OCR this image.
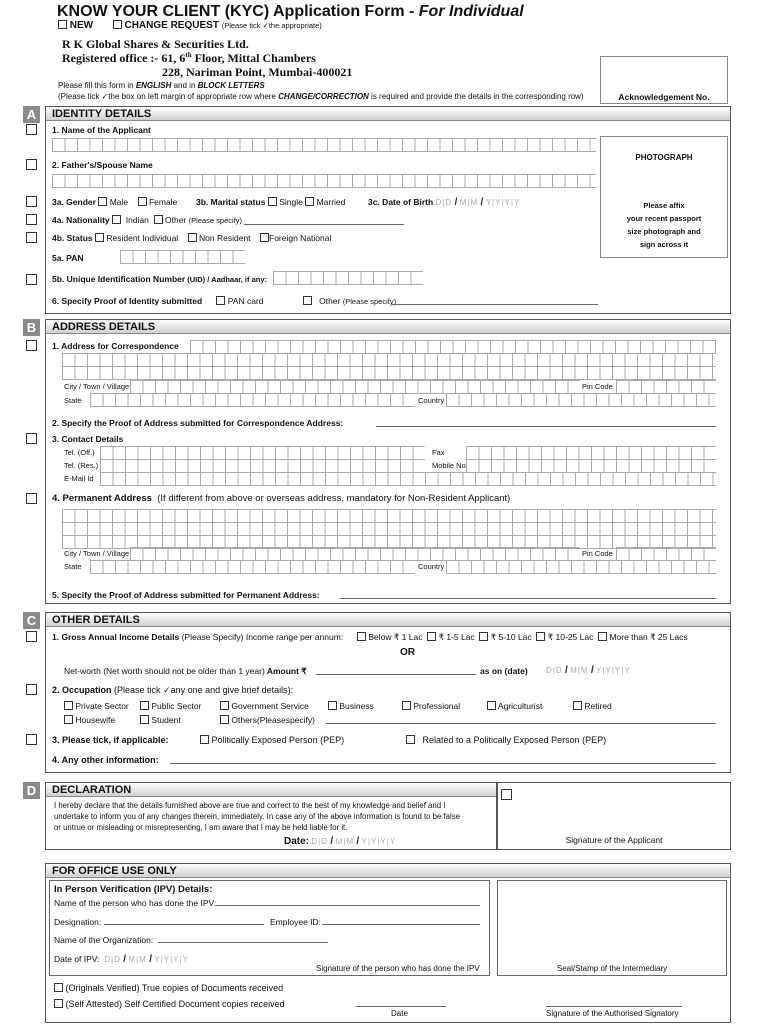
KNOW YOUR CLIENT (KYC) Application Form - For Individual
NEW	CHANGE REQUEST (Please tick ✓the appropriate)
R K Global Shares & Securities Ltd.
Registered office :- 61, 6th Floor, Mittal Chambers
228, Nariman Point, Mumbai-400021
Please fill this form in ENGLISH and in BLOCK LETTERS
(Please tick ✓the box on left margin of appropriate row where CHANGE/CORRECTION is required and provide the details in the corresponding row)	Acknowledgement No.
A	IDENTITY DETAILS
PHOTOGRAPH
Please affix
your recent passport
size photograph and
sign across it
1. Name of the Applicant
2. Father's/Spouse Name
3a. Gender Male Female 3b. Marital status Single Married	3c. Date of Birth D|D / M|M / Y|Y|Y|Y
4a. Nationality Indian Other (Please specify)
4b. Status Resident Individual Non Resident Foreign National
5a. PAN
5b. Unique Identification Number (UID) / Aadhaar, if any:
6. Specify Proof of Identity submitted	PAN card	Other (Please specify)
B	ADDRESS DETAILS
1. Address for Correspondence
City / Town / Village	Pin Code
State	Country
2. Specify the Proof of Address submitted for Correspondence Address:
3. Contact Details
Tel. (Off.)	Fax
Tel. (Res.)	Mobile No
E-Mail Id
4. Permanent Address (If different from above or overseas address, mandatory for Non-Resident Applicant)
City / Town / Village	Pin Code
State	Country
5. Specify the Proof of Address submitted for Permanent Address:
C	OTHER DETAILS
1. Gross Annual Income Details (Please Specify) Income range per annum:	Below ₹ 1 Lac ₹ 1-5 Lac ₹ 5-10 Lac ₹ 10-25 Lac More than ₹ 25 Lacs
OR
Net-worth (Net worth should not be older than 1 year) Amount ₹	as on (date) D|D / M|M / Y|Y|Y|Y
2. Occupation (Please tick ✓any one and give brief details):
Private Sector	Public Sector	Government Service	Business	Professional	Agriculturist	Retired
Housewife	Student	Others(Pleasespecify)
3. Please tick, if applicable:	Politically Exposed Person (PEP)	Related to a Politically Exposed Person (PEP)
4. Any other information:
D	DECLARATION
I hereby declare that the details furnished above are true and correct to the best of my knowledge and belief and I
undertake to inform you of any changes therein, immediately. In case any of the above information is found to be false
or untrue or misleading or misrepresenting, I am aware that I may be held liable for it.
Date: D|D / M|M / Y|Y|Y|Y	Signature of the Applicant
FOR OFFICE USE ONLY
In Person Verification (IPV) Details:
Name of the person who has done the IPV:
Designation:	Employee ID:
Name of the Organization:
Date of IPV: D|D / M|M / Y|Y|Y|Y
Signature of the person who has done the IPV	Seal/Stamp of the Intermediary
(Originals Verified) True copies of Documents received
(Self Attested) Self Certified Document copies received
Date	Signature of the Authorised Signatory
